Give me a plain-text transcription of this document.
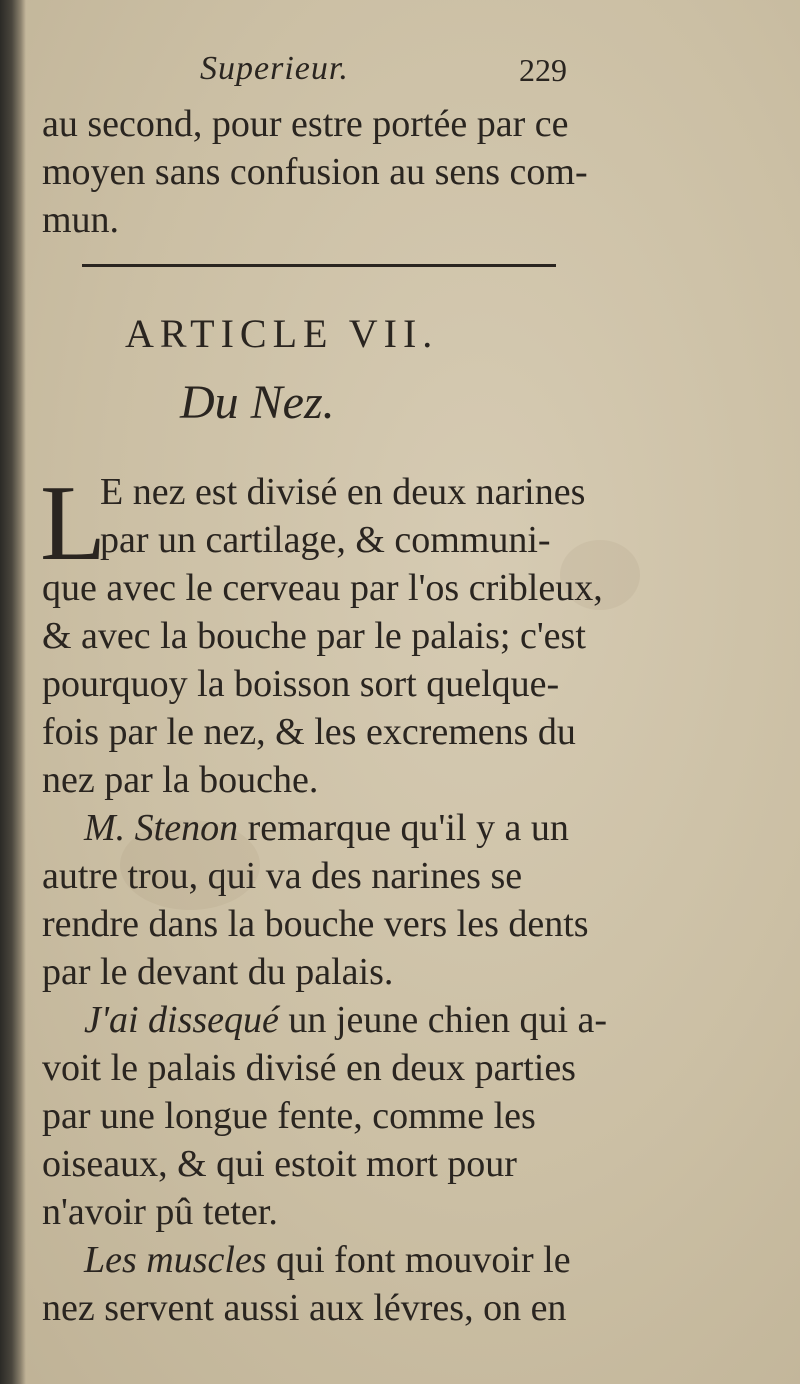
Superieur.	229
au second, pour estre portée par ce
moyen sans confusion au sens com-
mun.
ARTICLE VII.
Du Nez.
L
E nez est divisé en deux narines
par un cartilage, & communi-
que avec le cerveau par l'os cribleux,
& avec la bouche par le palais; c'est
pourquoy la boisson sort quelque-
fois par le nez, & les excremens du
nez par la bouche.
M. Stenon remarque qu'il y a un
autre trou, qui va des narines se
rendre dans la bouche vers les dents
par le devant du palais.
J'ai dissequé un jeune chien qui a-
voit le palais divisé en deux parties
par une longue fente, comme les
oiseaux, & qui estoit mort pour
n'avoir pû teter.
Les muscles qui font mouvoir le
nez servent aussi aux lévres, on en
